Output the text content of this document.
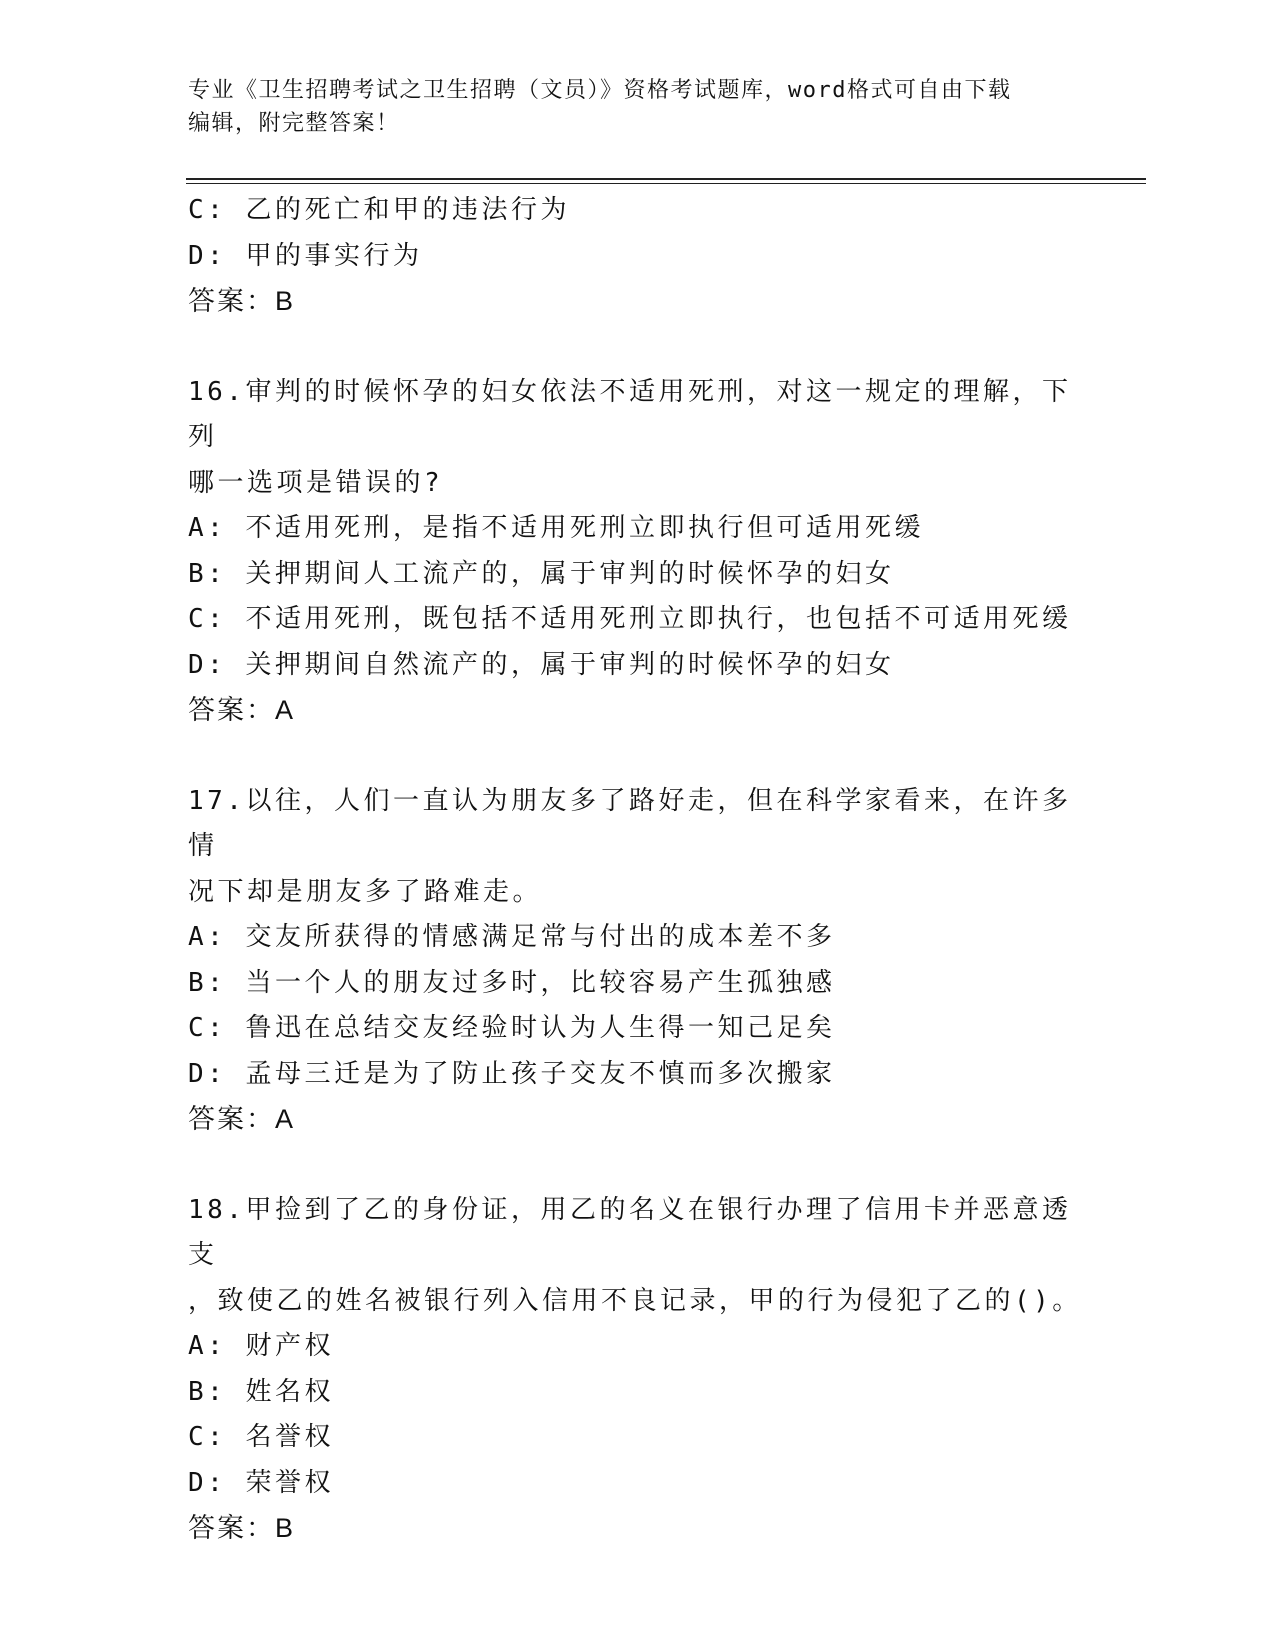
专业《卫生招聘考试之卫生招聘（文员）》资格考试题库，word格式可自由下载
编辑，附完整答案！
C: 乙的死亡和甲的违法行为
D: 甲的事实行为
答案：B
16.审判的时候怀孕的妇女依法不适用死刑，对这一规定的理解，下列
哪一选项是错误的?
A: 不适用死刑，是指不适用死刑立即执行但可适用死缓
B: 关押期间人工流产的，属于审判的时候怀孕的妇女
C: 不适用死刑，既包括不适用死刑立即执行，也包括不可适用死缓
D: 关押期间自然流产的，属于审判的时候怀孕的妇女
答案：A
17.以往，人们一直认为朋友多了路好走，但在科学家看来，在许多情
况下却是朋友多了路难走。
A: 交友所获得的情感满足常与付出的成本差不多
B: 当一个人的朋友过多时，比较容易产生孤独感
C: 鲁迅在总结交友经验时认为人生得一知己足矣
D: 孟母三迁是为了防止孩子交友不慎而多次搬家
答案：A
18.甲捡到了乙的身份证，用乙的名义在银行办理了信用卡并恶意透支
，致使乙的姓名被银行列入信用不良记录，甲的行为侵犯了乙的()。
A: 财产权
B: 姓名权
C: 名誉权
D: 荣誉权
答案：B
